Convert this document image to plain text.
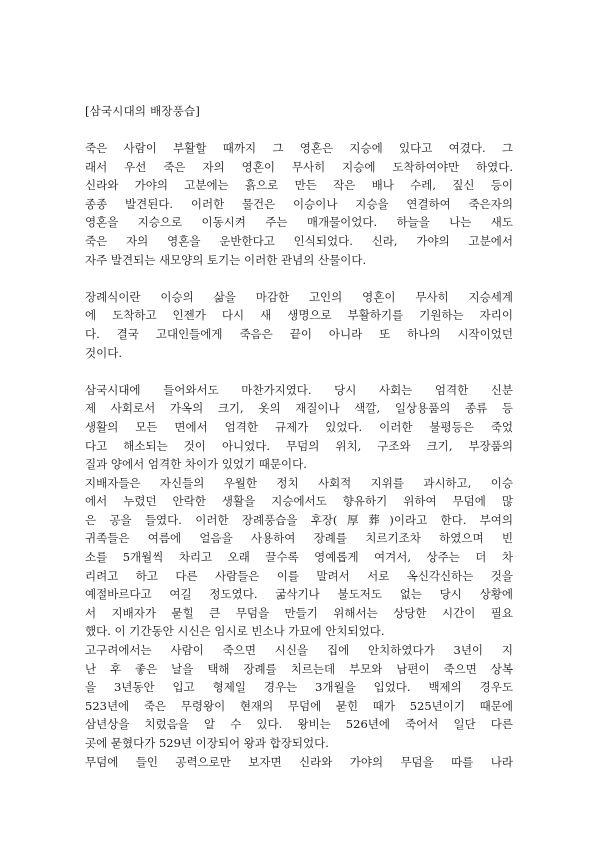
[삼국시대의 배장풍습]
죽은 사람이 부활할 때까지 그 영혼은 지승에 있다고 여겼다. 그
래서 우선 죽은 자의 영혼이 무사히 지승에 도착하여야만 하였다.
신라와 가야의 고분에는 흙으로 만든 작은 배나 수레, 짚신 등이
종종 발견된다. 이러한 물건은 이승이나 지승을 연결하여 죽은자의
영혼을 지승으로 이동시켜 주는 매개물이었다. 하늘을 나는 새도
죽은 자의 영혼을 운반한다고 인식되었다. 신라, 가야의 고분에서
자주 발견되는 새모양의 토기는 이러한 관념의 산물이다.
장례식이란 이승의 삶을 마감한 고인의 영혼이 무사히 지승세계
에 도착하고 인젠가 다시 새 생명으로 부활하기를 기원하는 자리이
다. 결국 고대인들에게 죽음은 끝이 아니라 또 하나의 시작이었던
것이다.
삼국시대에 들어와서도 마찬가지였다. 당시 사회는 엄격한 신분
제 사회로서 가옥의 크기, 옷의 재질이나 색깔, 일상용품의 종류 등
생활의 모든 면에서 엄격한 규제가 있었다. 이러한 불평등은 죽었
다고 해소되는 것이 아니었다. 무덤의 위치, 구조와 크기, 부장품의
질과 양에서 엄격한 차이가 있었기 때문이다.
지배자들은 자신들의 우월한 정치 사회적 지위를 과시하고, 이승
에서 누렸던 안락한 생활을 지승에서도 향유하기 위하여 무덤에 많
은 공을 들였다. 이러한 장례풍습을 후장(厚葬)이라고 한다. 부여의
귀족들은 여름에 얼음을 사용하여 장례를 치르기조차 하였으며 빈
소를 5개월씩 차리고 오래 끌수록 영예롭게 여겨서, 상주는 더 차
리려고 하고 다른 사람들은 이를 말려서 서로 옥신각신하는 것을
예절바르다고 여길 정도였다. 굶삭기나 불도저도 없는 당시 상황에
서 지배자가 묻힐 큰 무덤을 만들기 위해서는 상당한 시간이 필요
했다. 이 기간동안 시신은 임시로 빈소나 가묘에 안치되었다.
고구려에서는 사람이 죽으면 시신을 집에 안치하였다가 3년이 지
난 후 좋은 날을 택해 장례를 치르는데 부모와 남편이 죽으면 상복
을 3년동안 입고 형제일 경우는 3개월을 입었다. 백제의 경우도
523년에 죽은 무령왕이 현재의 무덤에 묻힌 때가 525년이기 때문에
삼년상을 치렀음을 알 수 있다. 왕비는 526년에 죽어서 일단 다른
곳에 묻혔다가 529년 이장되어 왕과 합장되었다.
무덤에 들인 공력으로만 보자면 신라와 가야의 무덤을 따를 나라
